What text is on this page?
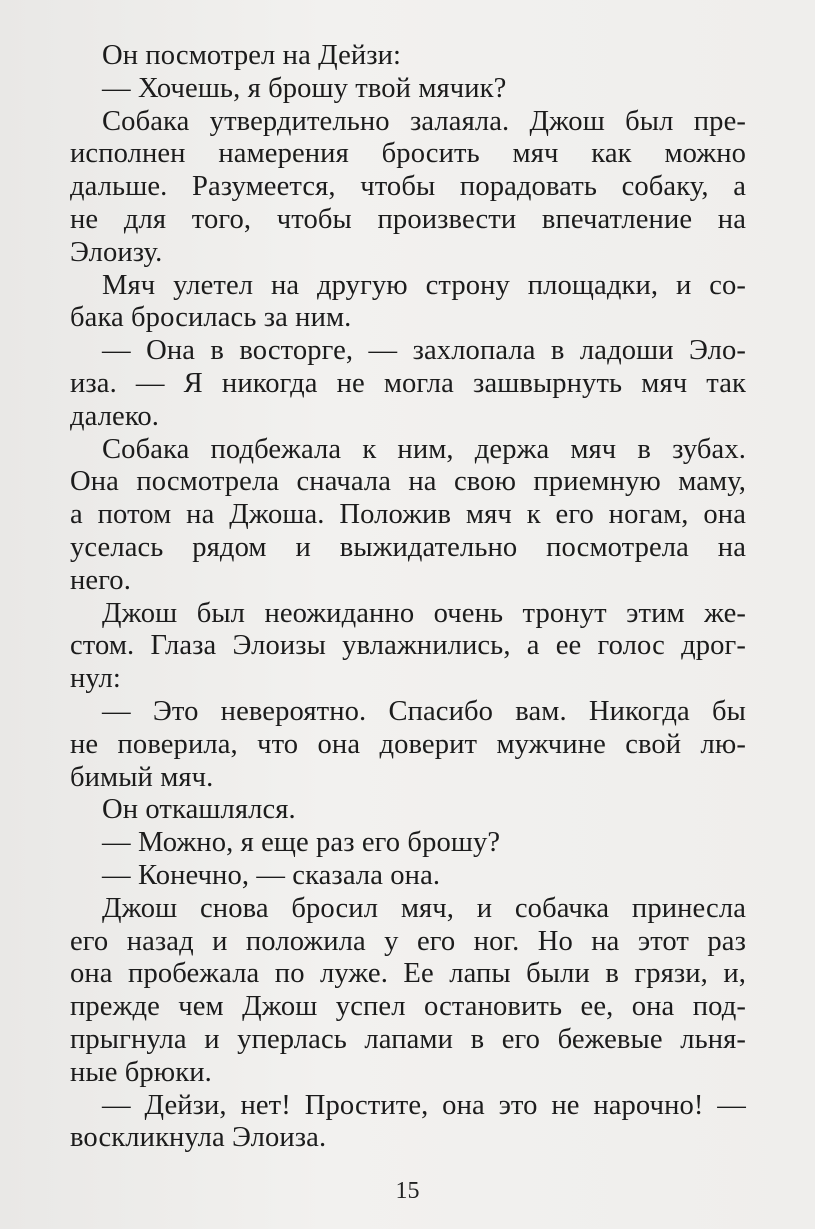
Он посмотрел на Дейзи:
— Хочешь, я брошу твой мячик?
Собака утвердительно залаяла. Джош был пре-
исполнен намерения бросить мяч как можно
дальше. Разумеется, чтобы порадовать собаку, а
не для того, чтобы произвести впечатление на
Элоизу.
Мяч улетел на другую строну площадки, и со-
бака бросилась за ним.
— Она в восторге, — захлопала в ладоши Эло-
иза. — Я никогда не могла зашвырнуть мяч так
далеко.
Собака подбежала к ним, держа мяч в зубах.
Она посмотрела сначала на свою приемную маму,
а потом на Джоша. Положив мяч к его ногам, она
уселась рядом и выжидательно посмотрела на
него.
Джош был неожиданно очень тронут этим же-
стом. Глаза Элоизы увлажнились, а ее голос дрог-
нул:
— Это невероятно. Спасибо вам. Никогда бы
не поверила, что она доверит мужчине свой лю-
бимый мяч.
Он откашлялся.
— Можно, я еще раз его брошу?
— Конечно, — сказала она.
Джош снова бросил мяч, и собачка принесла
его назад и положила у его ног. Но на этот раз
она пробежала по луже. Ее лапы были в грязи, и,
прежде чем Джош успел остановить ее, она под-
прыгнула и уперлась лапами в его бежевые льня-
ные брюки.
— Дейзи, нет! Простите, она это не нарочно! —
воскликнула Элоиза.
15
